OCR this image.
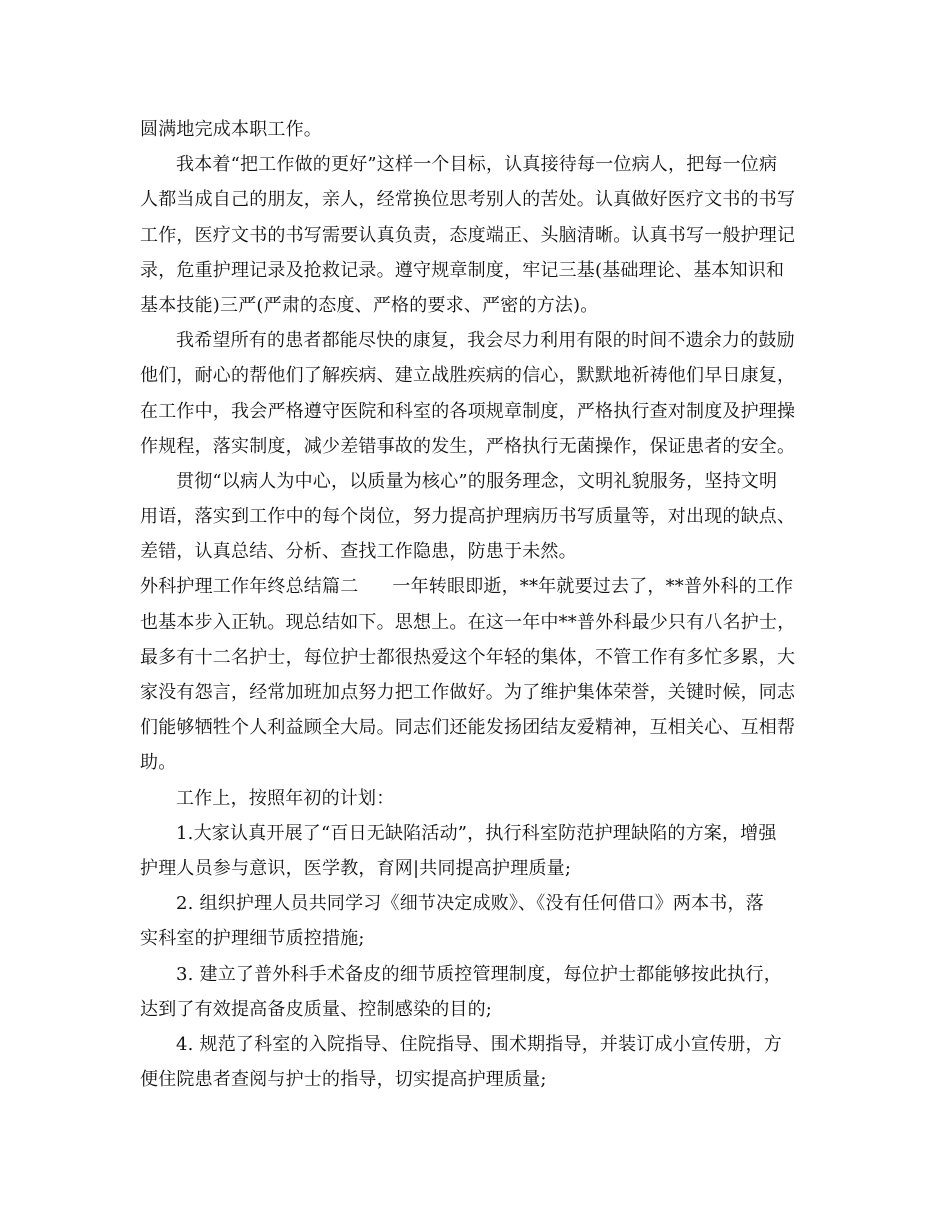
圆满地完成本职工作。
我本着“把工作做的更好”这样一个目标，认真接待每一位病人，把每一位病
人都当成自己的朋友，亲人，经常换位思考别人的苦处。认真做好医疗文书的书写
工作，医疗文书的书写需要认真负责，态度端正、头脑清晰。认真书写一般护理记
录，危重护理记录及抢救记录。遵守规章制度，牢记三基(基础理论、基本知识和
基本技能)三严(严肃的态度、严格的要求、严密的方法)。
我希望所有的患者都能尽快的康复，我会尽力利用有限的时间不遗余力的鼓励
他们，耐心的帮他们了解疾病、建立战胜疾病的信心，默默地祈祷他们早日康复，
在工作中，我会严格遵守医院和科室的各项规章制度，严格执行查对制度及护理操
作规程，落实制度，减少差错事故的发生，严格执行无菌操作，保证患者的安全。
贯彻“以病人为中心，以质量为核心”的服务理念，文明礼貌服务，坚持文明
用语，落实到工作中的每个岗位，努力提高护理病历书写质量等，对出现的缺点、
差错，认真总结、分析、查找工作隐患，防患于未然。
外科护理工作年终总结篇二 一年转眼即逝，**年就要过去了，**普外科的工作
也基本步入正轨。现总结如下。思想上。在这一年中**普外科最少只有八名护士，
最多有十二名护士，每位护士都很热爱这个年轻的集体，不管工作有多忙多累，大
家没有怨言，经常加班加点努力把工作做好。为了维护集体荣誉，关键时候，同志
们能够牺牲个人利益顾全大局。同志们还能发扬团结友爱精神，互相关心、互相帮
助。
工作上，按照年初的计划：
1.大家认真开展了“百日无缺陷活动”，执行科室防范护理缺陷的方案，增强
护理人员参与意识，医学教，育网|共同提高护理质量;
2. 组织护理人员共同学习《细节决定成败》、《没有任何借口》两本书，落
实科室的护理细节质控措施;
3. 建立了普外科手术备皮的细节质控管理制度，每位护士都能够按此执行，
达到了有效提高备皮质量、控制感染的目的;
4. 规范了科室的入院指导、住院指导、围术期指导，并装订成小宣传册，方
便住院患者查阅与护士的指导，切实提高护理质量;
